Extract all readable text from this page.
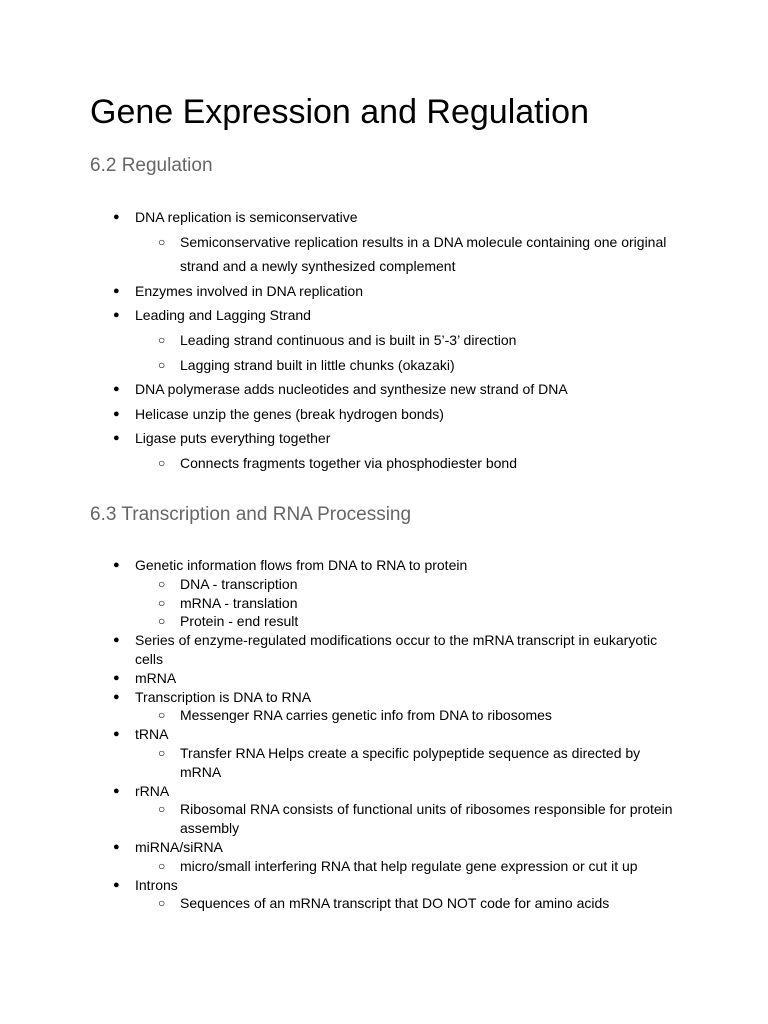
Gene Expression and Regulation
6.2 Regulation
● DNA replication is semiconservative
○ Semiconservative replication results in a DNA molecule containing one original
strand and a newly synthesized complement
● Enzymes involved in DNA replication
● Leading and Lagging Strand
○ Leading strand continuous and is built in 5’-3’ direction
○ Lagging strand built in little chunks (okazaki)
● DNA polymerase adds nucleotides and synthesize new strand of DNA
● Helicase unzip the genes (break hydrogen bonds)
● Ligase puts everything together
○ Connects fragments together via phosphodiester bond
6.3 Transcription and RNA Processing
● Genetic information flows from DNA to RNA to protein
○ DNA - transcription
○ mRNA - translation
○ Protein - end result
● Series of enzyme-regulated modifications occur to the mRNA transcript in eukaryotic
cells
● mRNA
● Transcription is DNA to RNA
○ Messenger RNA carries genetic info from DNA to ribosomes
● tRNA
○ Transfer RNA Helps create a specific polypeptide sequence as directed by
mRNA
● rRNA
○ Ribosomal RNA consists of functional units of ribosomes responsible for protein
assembly
● miRNA/siRNA
○ micro/small interfering RNA that help regulate gene expression or cut it up
● Introns
○ Sequences of an mRNA transcript that DO NOT code for amino acids
